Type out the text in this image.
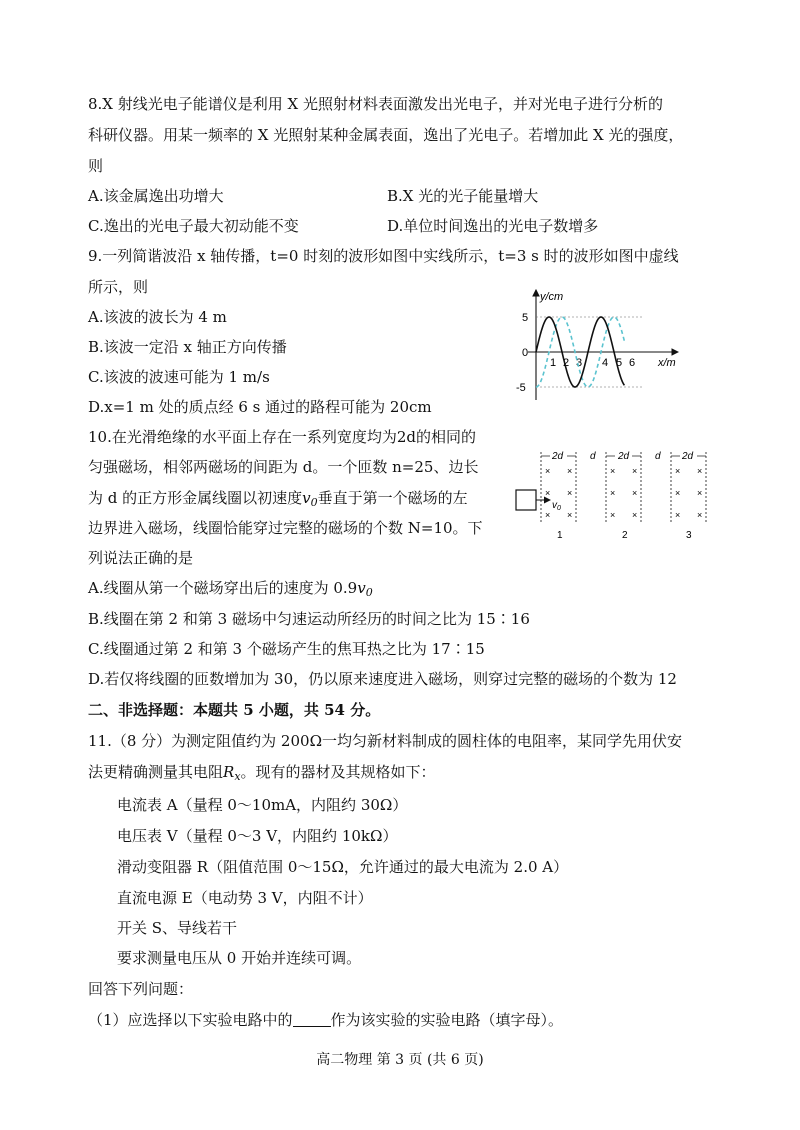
8.X 射线光电子能谱仪是利用 X 光照射材料表面激发出光电子，并对光电子进行分析的
科研仪器。用某一频率的 X 光照射某种金属表面，逸出了光电子。若增加此 X 光的强度，
则
A.该金属逸出功增大	B.X 光的光子能量增大
C.逸出的光电子最大初动能不变	D.单位时间逸出的光电子数增多
9.一列简谐波沿 x 轴传播，t=0 时刻的波形如图中实线所示，t=3 s 时的波形如图中虚线
所示，则
A.该波的波长为 4 m
B.该波一定沿 x 轴正方向传播
C.该波的波速可能为 1 m/s
D.x=1 m 处的质点经 6 s 通过的路程可能为 20cm
y/cm
x/m
5
0
-5
1 2 3 4 5 6
10.在光滑绝缘的水平面上存在一系列宽度均为2d的相同的
匀强磁场，相邻两磁场的间距为 d。一个匝数 n=25、边长
为 d 的正方形金属线圈以初速度$v_0$垂直于第一个磁场的左
边界进入磁场，线圈恰能穿过完整的磁场的个数 N=10。下
列说法正确的是
A.线圈从第一个磁场穿出后的速度为 $0.9v_0$
B.线圈在第 2 和第 3 磁场中匀速运动所经历的时间之比为 15∶16
C.线圈通过第 2 和第 3 个磁场产生的焦耳热之比为 17∶15
D.若仅将线圈的匝数增加为 30，仍以原来速度进入磁场，则穿过完整的磁场的个数为 12
2d	d 2d	d 2d
×
×
×
×
×
×
×
×
×
×
×
×
×
×
×
×
×
×
$v_0$
1	2	3
二、非选择题：本题共 5 小题，共 54 分。
11.（8 分）为测定阻值约为 200Ω一均匀新材料制成的圆柱体的电阻率，某同学先用伏安
法更精确测量其电阻$R_x$。现有的器材及其规格如下：
电流表 A（量程 0～10mA，内阻约 30Ω）
电压表 V（量程 0～3 V，内阻约 10kΩ）
滑动变阻器 R（阻值范围 0～15Ω，允许通过的最大电流为 2.0 A）
直流电源 E（电动势 3 V，内阻不计）
开关 S、导线若干
要求测量电压从 0 开始并连续可调。
回答下列问题：
（1）应选择以下实验电路中的	作为该实验的实验电路（填字母）。
高二物理 第 3 页 (共 6 页)
